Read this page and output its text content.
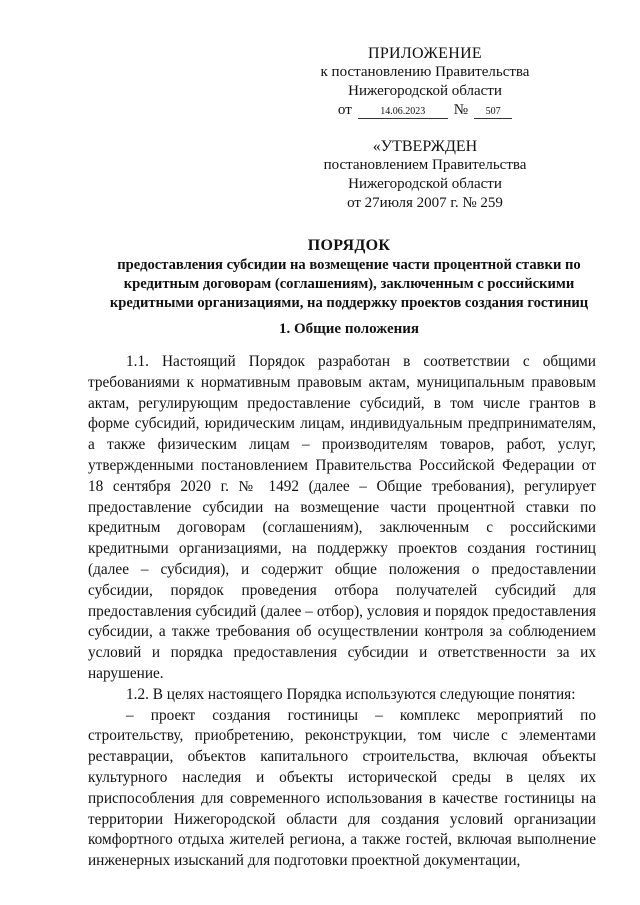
ПРИЛОЖЕНИЕ
к постановлению Правительства
Нижегородской области
от	14.06.2023	№	507
«УТВЕРЖДЕН
постановлением Правительства
Нижегородской области
от 27июля 2007 г. № 259
ПОРЯДОК
предоставления субсидии на возмещение части процентной ставки по кредитным договорам (соглашениям), заключенным с российскими кредитными организациями, на поддержку проектов создания гостиниц
1. Общие положения

1.1. Настоящий Порядок разработан в соответствии с общими требованиями к нормативным правовым актам, муниципальным правовым актам, регулирующим предоставление субсидий, в том числе грантов в форме субсидий, юридическим лицам, индивидуальным предпринимателям, а также физическим лицам – производителям товаров, работ, услуг, утвержденными постановлением Правительства Российской Федерации от 18 сентября 2020 г. № 1492 (далее – Общие требования), регулирует предоставление субсидии на возмещение части процентной ставки по кредитным договорам (соглашениям), заключенным с российскими кредитными организациями, на поддержку проектов создания гостиниц (далее – субсидия), и содержит общие положения о предоставлении субсидии, порядок проведения отбора получателей субсидий для предоставления субсидий (далее – отбор), условия и порядок предоставления субсидии, а также требования об осуществлении контроля за соблюдением условий и порядка предоставления субсидии и ответственности за их нарушение.

1.2. В целях настоящего Порядка используются следующие понятия:

– проект создания гостиницы – комплекс мероприятий по строительству, приобретению, реконструкции, том числе с элементами реставрации, объектов капитального строительства, включая объекты культурного наследия и объекты исторической среды в целях их приспособления для современного использования в качестве гостиницы на территории Нижегородской области для создания условий организации комфортного отдыха жителей региона, а также гостей, включая выполнение инженерных изысканий для подготовки проектной документации,
